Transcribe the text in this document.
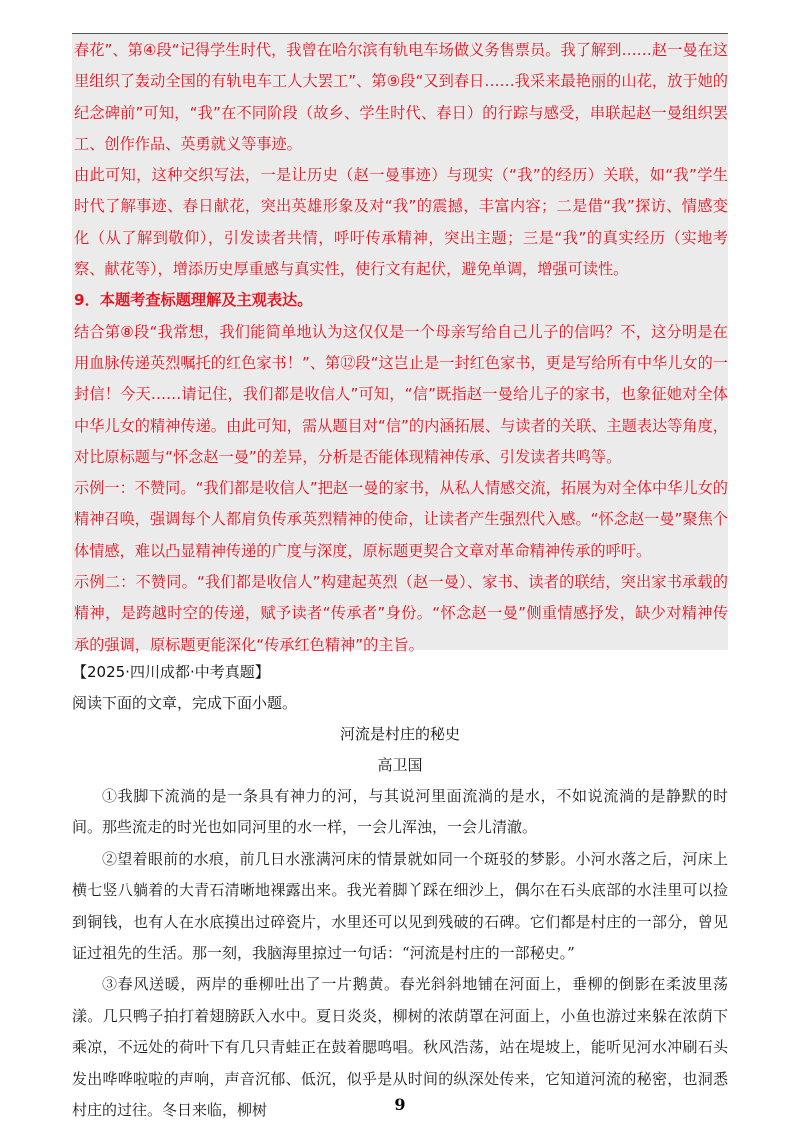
春花”、第④段“记得学生时代，我曾在哈尔滨有轨电车场做义务售票员。我了解到……赵一曼在这里组织了轰动全国的有轨电车工人大罢工”、第⑨段“又到春日……我采来最艳丽的山花，放于她的纪念碑前”可知，“我”在不同阶段（故乡、学生时代、春日）的行踪与感受，串联起赵一曼组织罢工、创作作品、英勇就义等事迹。

由此可知，这种交织写法，一是让历史（赵一曼事迹）与现实（“我”的经历）关联，如“我”学生时代了解事迹、春日献花，突出英雄形象及对“我”的震撼，丰富内容；二是借“我”探访、情感变化（从了解到敬仰），引发读者共情，呼吁传承精神，突出主题；三是“我”的真实经历（实地考察、献花等），增添历史厚重感与真实性，使行文有起伏，避免单调，增强可读性。

9．本题考查标题理解及主观表达。

结合第⑧段“我常想，我们能简单地认为这仅仅是一个母亲写给自己儿子的信吗？不，这分明是在用血脉传递英烈嘱托的红色家书！”、第⑫段“这岂止是一封红色家书，更是写给所有中华儿女的一封信！今天……请记住，我们都是收信人”可知，“信”既指赵一曼给儿子的家书，也象征她对全体中华儿女的精神传递。由此可知，需从题目对“信”的内涵拓展、与读者的关联、主题表达等角度，对比原标题与“怀念赵一曼”的差异，分析是否能体现精神传承、引发读者共鸣等。

示例一：不赞同。“我们都是收信人”把赵一曼的家书，从私人情感交流，拓展为对全体中华儿女的精神召唤，强调每个人都肩负传承英烈精神的使命，让读者产生强烈代入感。“怀念赵一曼”聚焦个体情感，难以凸显精神传递的广度与深度，原标题更契合文章对革命精神传承的呼吁。

示例二：不赞同。“我们都是收信人”构建起英烈（赵一曼）、家书、读者的联结，突出家书承载的精神，是跨越时空的传递，赋予读者“传承者”身份。“怀念赵一曼”侧重情感抒发，缺少对精神传承的强调，原标题更能深化“传承红色精神”的主旨。

【2025·四川成都·中考真题】
阅读下面的文章，完成下面小题。
河流是村庄的秘史
高卫国

①我脚下流淌的是一条具有神力的河，与其说河里面流淌的是水，不如说流淌的是静默的时间。那些流走的时光也如同河里的水一样，一会儿浑浊，一会儿清澈。

②望着眼前的水痕，前几日水涨满河床的情景就如同一个斑驳的梦影。小河水落之后，河床上横七竖八躺着的大青石清晰地裸露出来。我光着脚丫踩在细沙上，偶尔在石头底部的水洼里可以捡到铜钱，也有人在水底摸出过碎瓷片，水里还可以见到残破的石碑。它们都是村庄的一部分，曾见证过祖先的生活。那一刻，我脑海里掠过一句话：“河流是村庄的一部秘史。”

③春风送暖，两岸的垂柳吐出了一片鹅黄。春光斜斜地铺在河面上，垂柳的倒影在柔波里荡漾。几只鸭子拍打着翅膀跃入水中。夏日炎炎，柳树的浓荫罩在河面上，小鱼也游过来躲在浓荫下乘凉，不远处的荷叶下有几只青蛙正在鼓着腮鸣唱。秋风浩荡，站在堤坡上，能听见河水冲刷石头发出哗哗啦啦的声响，声音沉郁、低沉，似乎是从时间的纵深处传来，它知道河流的秘密，也洞悉村庄的过往。冬日来临，柳树	9
